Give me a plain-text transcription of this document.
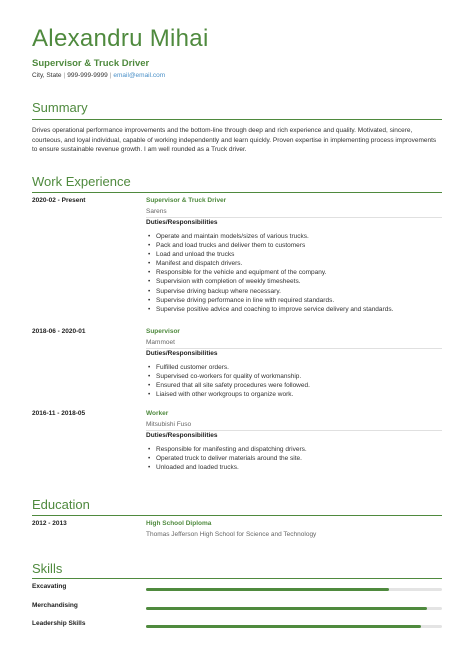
Alexandru Mihai
Supervisor & Truck Driver
City, State | 999-999-9999 | email@email.com
Summary
Drives operational performance improvements and the bottom-line through deep and rich experience and quality. Motivated, sincere, courteous, and loyal individual, capable of working independently and learn quickly. Proven expertise in implementing process improvements to ensure sustainable revenue growth. I am well rounded as a Truck driver.
Work Experience
2020-02 - Present	Supervisor & Truck Driver
Sarens
Duties/Responsibilities
• Operate and maintain models/sizes of various trucks.
• Pack and load trucks and deliver them to customers
• Load and unload the trucks
• Manifest and dispatch drivers.
• Responsible for the vehicle and equipment of the company.
• Supervision with completion of weekly timesheets.
• Supervise driving backup where necessary.
• Supervise driving performance in line with required standards.
• Supervise positive advice and coaching to improve service delivery and standards.
2018-06 - 2020-01	Supervisor
Mammoet
Duties/Responsibilities
• Fulfilled customer orders.
• Supervised co-workers for quality of workmanship.
• Ensured that all site safety procedures were followed.
• Liaised with other workgroups to organize work.
2016-11 - 2018-05	Worker
Mitsubishi Fuso
Duties/Responsibilities
• Responsible for manifesting and dispatching drivers.
• Operated truck to deliver materials around the site.
• Unloaded and loaded trucks.
Education
2012 - 2013	High School Diploma
Thomas Jefferson High School for Science and Technology
Skills
Excavating
Merchandising
Leadership Skills
